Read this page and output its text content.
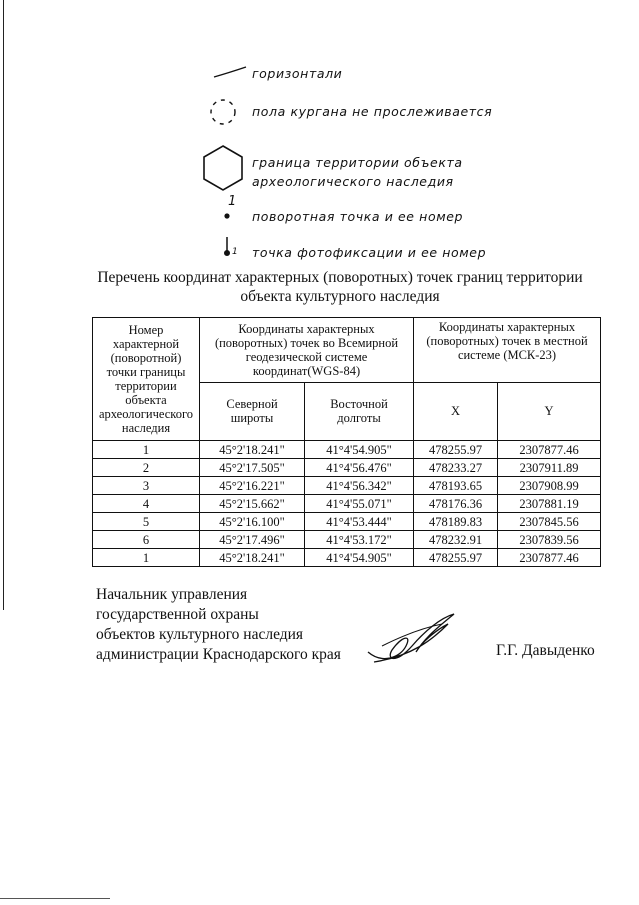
горизонтали
пола кургана не прослеживается
граница территории объекта
археологического наследия
1
поворотная точка и ее номер
1 точка фотофиксации и ее номер
Перечень координат характерных (поворотных) точек границ территории
объекта культурного наследия
Номер характерной (поворотной) точки границы территории объекта археологического наследия	Координаты характерных (поворотных) точек во Всемирной геодезической системе координат(WGS-84)		Координаты характерных (поворотных) точек в местной системе (МСК-23)	
	Северной широты	Восточной долготы	X	Y
1	45°2'18.241"	41°4'54.905"	478255.97	2307877.46
2	45°2'17.505"	41°4'56.476"	478233.27	2307911.89
3	45°2'16.221"	41°4'56.342"	478193.65	2307908.99
4	45°2'15.662"	41°4'55.071"	478176.36	2307881.19
5	45°2'16.100"	41°4'53.444"	478189.83	2307845.56
6	45°2'17.496"	41°4'53.172"	478232.91	2307839.56
1	45°2'18.241"	41°4'54.905"	478255.97	2307877.46
Начальник управления
государственной охраны
объектов культурного наследия
администрации Краснодарского края	Г.Г. Давыденко
